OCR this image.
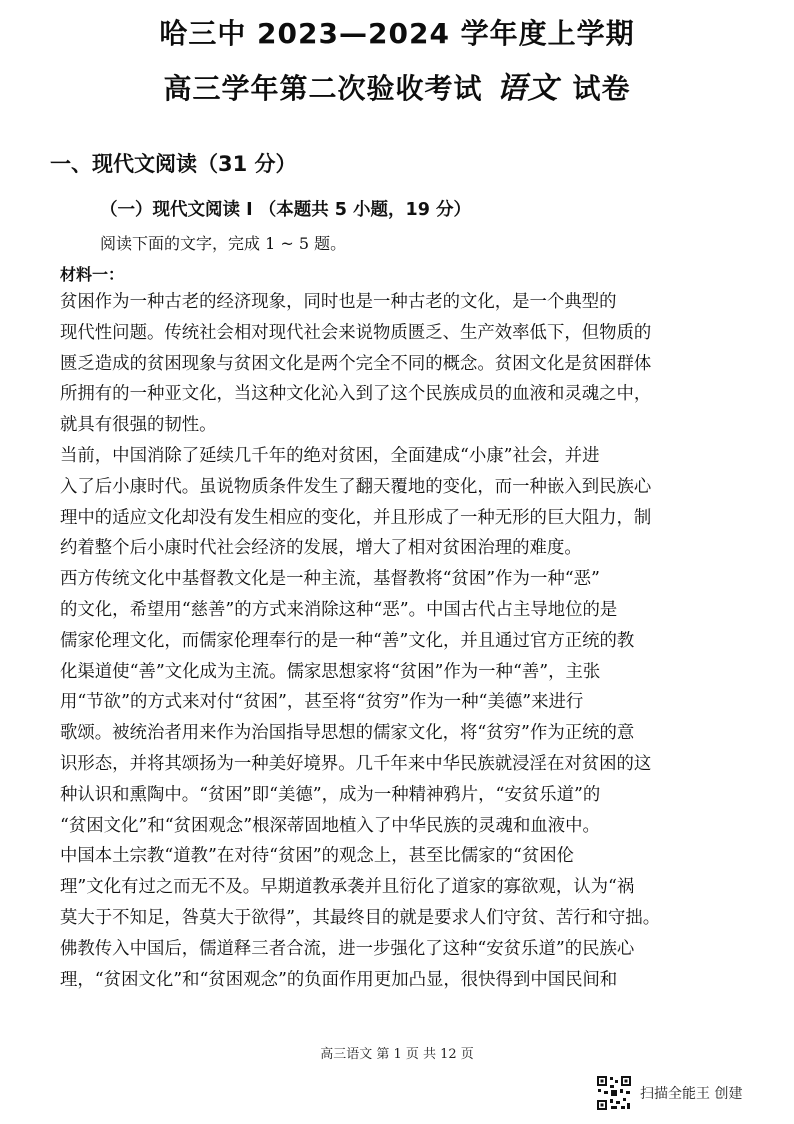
哈三中 2023—2024 学年度上学期
高三学年第二次验收考试 语文 试卷
一、现代文阅读（31 分）
（一）现代文阅读 I （本题共 5 小题，19 分）
阅读下面的文字，完成 1 ~ 5 题。
材料一：
贫困作为一种古老的经济现象，同时也是一种古老的文化，是一个典型的
现代性问题。传统社会相对现代社会来说物质匮乏、生产效率低下，但物质的
匮乏造成的贫困现象与贫困文化是两个完全不同的概念。贫困文化是贫困群体
所拥有的一种亚文化，当这种文化沁入到了这个民族成员的血液和灵魂之中，
就具有很强的韧性。
当前，中国消除了延续几千年的绝对贫困，全面建成“小康”社会，并进
入了后小康时代。虽说物质条件发生了翻天覆地的变化，而一种嵌入到民族心
理中的适应文化却没有发生相应的变化，并且形成了一种无形的巨大阻力，制
约着整个后小康时代社会经济的发展，增大了相对贫困治理的难度。
西方传统文化中基督教文化是一种主流，基督教将“贫困”作为一种“恶”
的文化，希望用“慈善”的方式来消除这种“恶”。中国古代占主导地位的是
儒家伦理文化，而儒家伦理奉行的是一种“善”文化，并且通过官方正统的教
化渠道使“善”文化成为主流。儒家思想家将“贫困”作为一种“善”，主张
用“节欲”的方式来对付“贫困”，甚至将“贫穷”作为一种“美德”来进行
歌颂。被统治者用来作为治国指导思想的儒家文化，将“贫穷”作为正统的意
识形态，并将其颂扬为一种美好境界。几千年来中华民族就浸淫在对贫困的这
种认识和熏陶中。“贫困”即“美德”，成为一种精神鸦片，“安贫乐道”的
“贫困文化”和“贫困观念”根深蒂固地植入了中华民族的灵魂和血液中。
中国本土宗教“道教”在对待“贫困”的观念上，甚至比儒家的“贫困伦
理”文化有过之而无不及。早期道教承袭并且衍化了道家的寡欲观，认为“祸
莫大于不知足，咎莫大于欲得”，其最终目的就是要求人们守贫、苦行和守拙。
佛教传入中国后，儒道释三者合流，进一步强化了这种“安贫乐道”的民族心
理，“贫困文化”和“贫困观念”的负面作用更加凸显，很快得到中国民间和
高三语文 第 1 页 共 12 页
扫描全能王 创建
